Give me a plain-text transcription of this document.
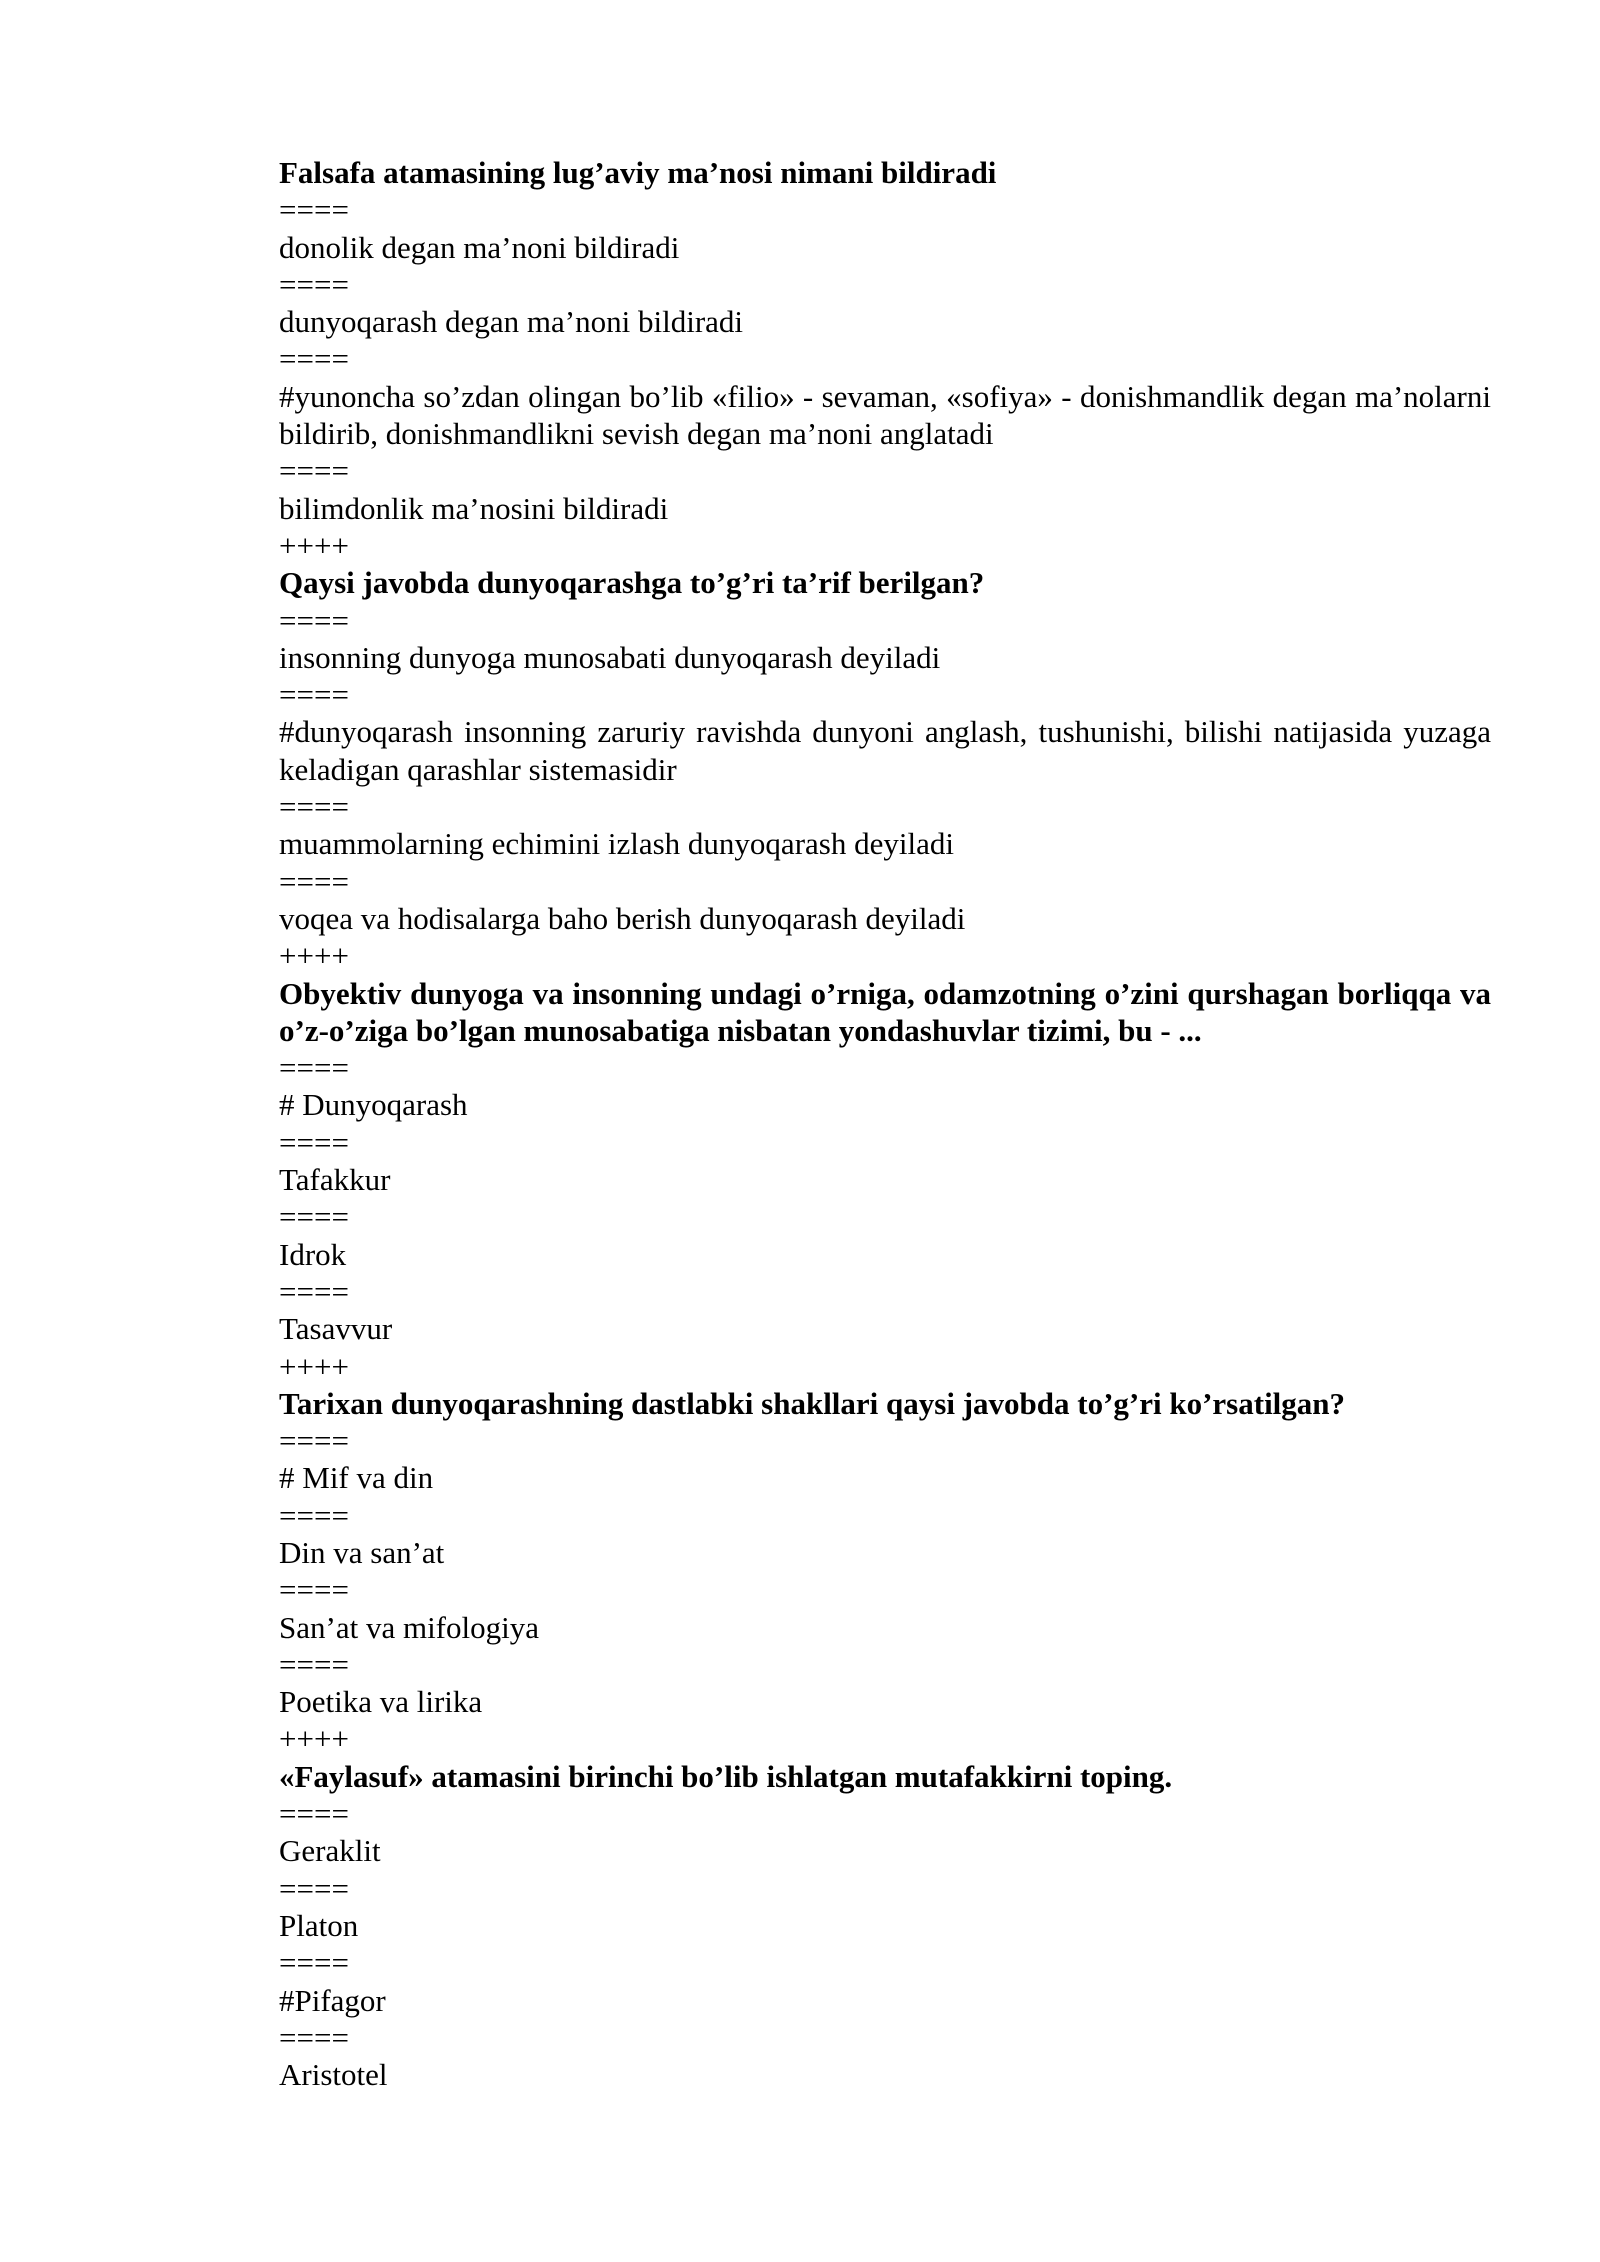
Falsafa atamasining lug’aviy ma’nosi nimani bildiradi

====

donolik degan ma’noni bildiradi

====

dunyoqarash degan ma’noni bildiradi

====

#yunoncha so’zdan olingan bo’lib «filio» - sevaman, «sofiya» - donishmandlik degan ma’nolarni bildirib, donishmandlikni sevish degan ma’noni anglatadi

====

bilimdonlik ma’nosini bildiradi

++++

Qaysi javobda dunyoqarashga to’g’ri ta’rif berilgan?

====

insonning dunyoga munosabati dunyoqarash deyiladi

====

#dunyoqarash insonning zaruriy ravishda dunyoni anglash, tushunishi, bilishi natijasida yuzaga keladigan qarashlar sistemasidir

====

muammolarning echimini izlash dunyoqarash deyiladi

====

voqea va hodisalarga baho berish dunyoqarash deyiladi

++++

Obyektiv dunyoga va insonning undagi o’rniga, odamzotning o’zini qurshagan borliqqa va o’z-o’ziga bo’lgan munosabatiga nisbatan yondashuvlar tizimi, bu - ...

====

# Dunyoqarash

====

Tafakkur

====

Idrok

====

Tasavvur

++++

Tarixan dunyoqarashning dastlabki shakllari qaysi javobda to’g’ri ko’rsatilgan?

====

# Mif va din

====

Din va san’at

====

San’at va mifologiya

====

Poetika va lirika

++++

«Faylasuf» atamasini birinchi bo’lib ishlatgan mutafakkirni toping.

====

Geraklit

====

Platon

====

#Pifagor

====

Aristotel
